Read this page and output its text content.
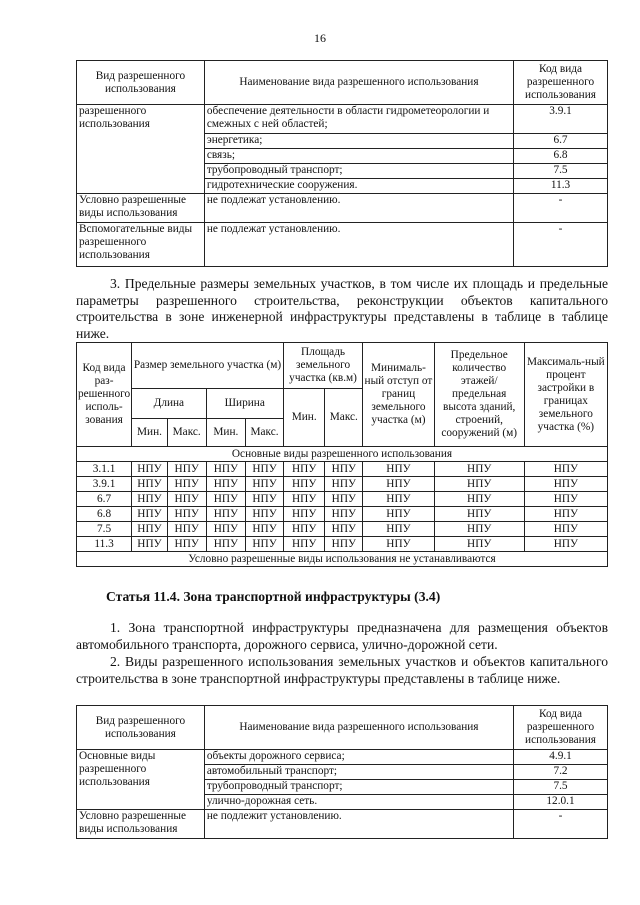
16
Вид разрешенного использования	Наименование вида разрешенного использования	Код вида разрешенного использования
разрешенного использования	обеспечение деятельности в области гидрометеорологии и смежных с ней областей;	3.9.1
	энергетика;	6.7
	связь;	6.8
	трубопроводный транспорт;	7.5
	гидротехнические сооружения.	11.3
Условно разрешенные виды использования	не подлежат установлению.	-
Вспомогательные виды разрешенного использования	не подлежат установлению.	-
3. Предельные размеры земельных участков, в том числе их площадь и предельные параметры разрешенного строительства, реконструкции объектов капитального строительства в зоне инженерной инфраструктуры представлены в таблице в таблице ниже.
Код вида раз-решенного исполь-зования	Размер земельного участка (м)				Площадь земельного участка (кв.м)		Минималь-ный отступ от границ земельного участка (м)	Предельное количество этажей/ предельная высота зданий, строений, сооружений (м)	Максималь-ный процент застройки в границах земельного участка (%)
	Длина		Ширина		Мин.	Макс.			
	Мин.	Макс.	Мин.	Макс.					
Основные виды разрешенного использования									
3.1.1	НПУ	НПУ	НПУ	НПУ	НПУ	НПУ	НПУ	НПУ	НПУ
3.9.1	НПУ	НПУ	НПУ	НПУ	НПУ	НПУ	НПУ	НПУ	НПУ
6.7	НПУ	НПУ	НПУ	НПУ	НПУ	НПУ	НПУ	НПУ	НПУ
6.8	НПУ	НПУ	НПУ	НПУ	НПУ	НПУ	НПУ	НПУ	НПУ
7.5	НПУ	НПУ	НПУ	НПУ	НПУ	НПУ	НПУ	НПУ	НПУ
11.3	НПУ	НПУ	НПУ	НПУ	НПУ	НПУ	НПУ	НПУ	НПУ
Условно разрешенные виды использования не устанавливаются									
Статья 11.4. Зона транспортной инфраструктуры (3.4)
1. Зона транспортной инфраструктуры предназначена для размещения объектов автомобильного транспорта, дорожного сервиса, улично-дорожной сети.
2. Виды разрешенного использования земельных участков и объектов капитального строительства в зоне транспортной инфраструктуры представлены в таблице ниже.
Вид разрешенного использования	Наименование вида разрешенного использования	Код вида разрешенного использования
Основные виды разрешенного использования	объекты дорожного сервиса;	4.9.1
	автомобильный транспорт;	7.2
	трубопроводный транспорт;	7.5
	улично-дорожная сеть.	12.0.1
Условно разрешенные виды использования	не подлежит установлению.	-
